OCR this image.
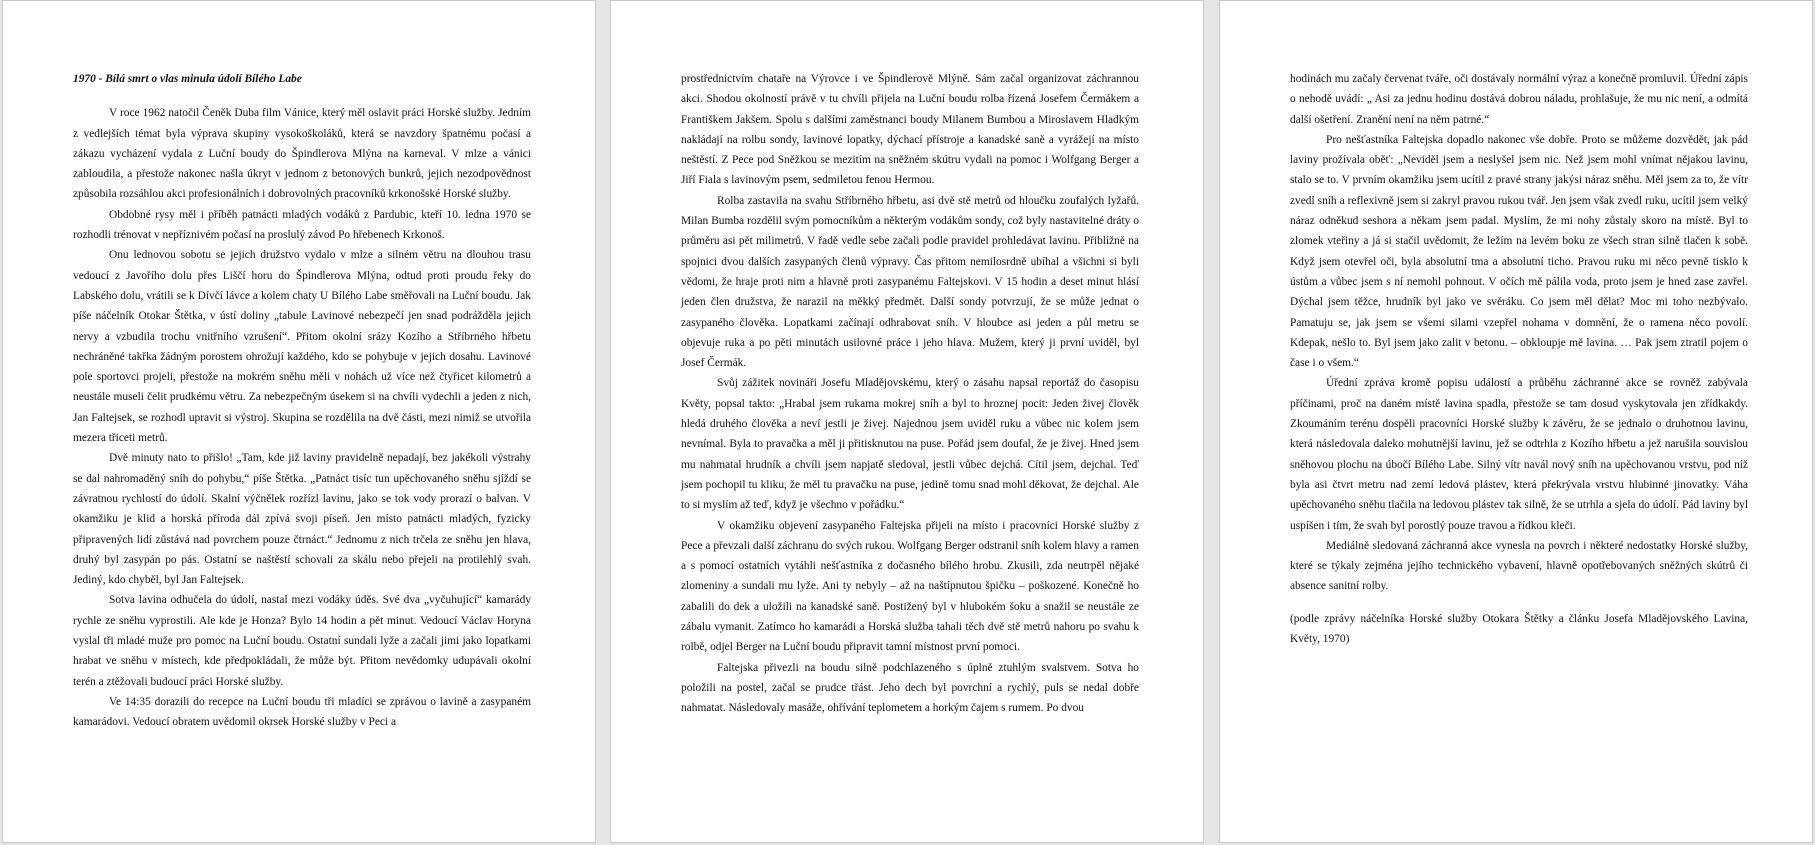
1970 - Bílá smrt o vlas minula údolí Bílého Labe

V roce 1962 natočil Čeněk Duba film Vánice, který měl oslavit práci Horské služby. Jedním z vedlejších témat byla výprava skupiny vysokoškoláků, která se navzdory špatnému počasí a zákazu vycházení vydala z Luční boudy do Špindlerova Mlýna na karneval. V mlze a vánici zabloudila, a přestože nakonec našla úkryt v jednom z betonových bunkrů, jejich nezodpovědnost způsobila rozsáhlou akci profesionálních i dobrovolných pracovníků krkonošské Horské služby.

Obdobné rysy měl i příběh patnácti mladých vodáků z Pardubic, kteří 10. ledna 1970 se rozhodli trénovat v nepříznivém počasí na proslulý závod Po hřebenech Krkonoš.

Onu lednovou sobotu se jejich družstvo vydalo v mlze a silném větru na dlouhou trasu vedoucí z Javořího dolu přes Liščí horu do Špindlerova Mlýna, odtud proti proudu řeky do Labského dolu, vrátili se k Dívčí lávce a kolem chaty U Bílého Labe směřovali na Luční boudu. Jak píše náčelník Otokar Štětka, v ústí doliny „tabule Lavinové nebezpečí jen snad podrážděla jejich nervy a vzbudila trochu vnitřního vzrušení“. Přitom okolní srázy Kozího a Stříbrného hřbetu nechráněné takřka žádným porostem ohrožují každého, kdo se pohybuje v jejich dosahu. Lavinové pole sportovci projeli, přestože na mokrém sněhu měli v nohách už více než čtyřicet kilometrů a neustále museli čelit prudkému větru. Za nebezpečným úsekem si na chvíli vydechli a jeden z nich, Jan Faltejsek, se rozhodl upravit si výstroj. Skupina se rozdělila na dvě části, mezi nimiž se utvořila mezera třiceti metrů.

Dvě minuty nato to přišlo! „Tam, kde již laviny pravidelně nepadají, bez jakékoli výstrahy se dal nahromaděný sníh do pohybu,“ píše Štětka. „Patnáct tisíc tun upěchovaného sněhu sjíždí se závratnou rychlostí do údolí. Skalní výčnělek rozřízl lavinu, jako se tok vody prorazí o balvan. V okamžiku je klid a horská příroda dál zpívá svoji píseň. Jen místo patnácti mladých, fyzicky připravených lidí zůstává nad povrchem pouze čtrnáct.“ Jednomu z nich trčela ze sněhu jen hlava, druhý byl zasypán po pás. Ostatní se naštěstí schovali za skálu nebo přejeli na protilehlý svah. Jediný, kdo chyběl, byl Jan Faltejsek.

Sotva lavina odhučela do údolí, nastal mezi vodáky úděs. Své dva „vyčuhující“ kamarády rychle ze sněhu vyprostili. Ale kde je Honza? Bylo 14 hodin a pět minut. Vedoucí Václav Horyna vyslal tři mladé muže pro pomoc na Luční boudu. Ostatní sundali lyže a začali jimi jako lopatkami hrabat ve sněhu v místech, kde předpokládali, že může být. Přitom nevědomky udupávali okolní terén a ztěžovali budoucí práci Horské služby.

Ve 14:35 dorazili do recepce na Luční boudu tři mladíci se zprávou o lavině a zasypaném kamarádovi. Vedoucí obratem uvědomil okrsek Horské služby v Peci a

prostřednictvím chataře na Výrovce i ve Špindlerově Mlýně. Sám začal organizovat záchrannou akci. Shodou okolností právě v tu chvíli přijela na Luční boudu rolba řízená Josefem Čermákem a Františkem Jakšem. Spolu s dalšími zaměstnanci boudy Milanem Bumbou a Miroslavem Hladkým nakládají na rolbu sondy, lavinové lopatky, dýchací přístroje a kanadské saně a vyrážejí na místo neštěstí. Z Pece pod Sněžkou se mezitím na sněžném skútru vydali na pomoc i Wolfgang Berger a Jiří Fiala s lavinovým psem, sedmiletou fenou Hermou.

Rolba zastavila na svahu Stříbrného hřbetu, asi dvě stě metrů od hloučku zoufalých lyžařů. Milan Bumba rozdělil svým pomocníkům a některým vodákům sondy, což byly nastavitelné dráty o průměru asi pět milimetrů. V řadě vedle sebe začali podle pravidel prohledávat lavinu. Přiblížně na spojnici dvou dalších zasypaných členů výpravy. Čas přitom nemilosrdně ubíhal a všichni si byli vědomi, že hraje proti nim a hlavně proti zasypanému Faltejskovi. V 15 hodin a deset minut hlásí jeden člen družstva, že narazil na měkký předmět. Další sondy potvrzují, že se může jednat o zasypaného člověka. Lopatkami začínají odhrabovat sníh. V hloubce asi jeden a půl metru se objevuje ruka a po pěti minutách usilovné práce i jeho hlava. Mužem, který ji první uviděl, byl Josef Čermák.

Svůj zážitek novináři Josefu Mladějovskému, který o zásahu napsal reportáž do časopisu Květy, popsal takto: „Hrabal jsem rukama mokrej sníh a byl to hroznej pocit: Jeden živej člověk hledá druhého člověka a neví jestli je živej. Najednou jsem uviděl ruku a vůbec nic kolem jsem nevnímal. Byla to pravačka a měl ji přitisknutou na puse. Pořád jsem doufal, že je živej. Hned jsem mu nahmatal hrudník a chvíli jsem napjatě sledoval, jestli vůbec dejchá. Cítil jsem, dejchal. Teď jsem pochopil tu kliku, že měl tu pravačku na puse, jedině tomu snad mohl děkovat, že dejchal. Ale to si myslím až teď, když je všechno v pořádku.“

V okamžiku objevení zasypaného Faltejska přijeli na místo i pracovníci Horské služby z Pece a převzali další záchranu do svých rukou. Wolfgang Berger odstranil sníh kolem hlavy a ramen a s pomocí ostatních vytáhli nešťastníka z dočasného bílého hrobu. Zkusili, zda neutrpěl nějaké zlomeniny a sundali mu lyže. Ani ty nebyly – až na naštípnutou špičku – poškozené. Konečně ho zabalili do dek a uložili na kanadské saně. Postižený byl v hlubokém šoku a snažil se neustále ze zábalu vymanit. Zatímco ho kamarádi a Horská služba tahali těch dvě stě metrů nahoru po svahu k rolbě, odjel Berger na Luční boudu připravit tamní místnost první pomoci.

Faltejska přivezli na boudu silně podchlazeného s úplně ztuhlým svalstvem. Sotva ho položili na postel, začal se prudce třást. Jeho dech byl povrchní a rychlý, puls se nedal dobře nahmatat. Následovaly masáže, ohřívání teplometem a horkým čajem s rumem. Po dvou

hodinách mu začaly červenat tváře, oči dostávaly normální výraz a konečně promluvil. Úřední zápis o nehodě uvádí: „ Asi za jednu hodinu dostává dobrou náladu, prohlašuje, že mu nic není, a odmítá další ošetření. Zranění není na něm patrné.“

Pro nešťastníka Faltejska dopadlo nakonec vše dobře. Proto se můžeme dozvědět, jak pád laviny prožívala oběť: „Neviděl jsem a neslyšel jsem nic. Než jsem mohl vnímat nějakou lavinu, stalo se to. V prvním okamžiku jsem ucítil z pravé strany jakýsi náraz sněhu. Měl jsem za to, že vítr zvedl sníh a reflexivně jsem si zakryl pravou rukou tvář. Jen jsem však zvedl ruku, ucítil jsem velký náraz odněkud seshora a někam jsem padal. Myslím, že mi nohy zůstaly skoro na místě. Byl to zlomek vteřiny a já si stačil uvědomit, že ležím na levém boku ze všech stran silně tlačen k sobě. Když jsem otevřel oči, byla absolutní tma a absolutní ticho. Pravou ruku mi něco pevně tisklo k ústům a vůbec jsem s ní nemohl pohnout. V očích mě pálila voda, proto jsem je hned zase zavřel. Dýchal jsem těžce, hrudník byl jako ve svěráku. Co jsem měl dělat? Moc mi toho nezbývalo. Pamatuju se, jak jsem se všemi silami vzepřel nohama v domnění, že o ramena něco povolí. Kdepak, nešlo to. Byl jsem jako zalit v betonu. – obkloupje mě lavina. … Pak jsem ztratil pojem o čase i o všem.“

Úřední zpráva kromě popisu událostí a průběhu záchranné akce se rovněž zabývala příčinami, proč na daném místě lavina spadla, přestože se tam dosud vyskytovala jen zřídkakdy. Zkoumáním terénu dospěli pracovníci Horské služby k závěru, že se jednalo o druhotnou lavinu, která následovala daleko mohutnější lavinu, jež se odtrhla z Kozího hřbetu a jež narušila souvislou sněhovou plochu na úbočí Bílého Labe. Silný vítr navál nový sníh na upěchovanou vrstvu, pod níž byla asi čtvrt metru nad zemí ledová plástev, která překrývala vrstvu hlubinné jinovatky. Váha upěchovaného sněhu tlačila na ledovou plástev tak silně, že se utrhla a sjela do údolí. Pád laviny byl uspíšen i tím, že svah byl porostlý pouze travou a řídkou kleči.

Mediálně sledovaná záchranná akce vynesla na povrch i některé nedostatky Horské služby, které se týkaly zejména jejího technického vybavení, hlavně opotřebovaných sněžných skútrů či absence sanitní rolby.

(podle zprávy náčelníka Horské služby Otokara Štětky a článku Josefa Mladějovského Lavina, Květy, 1970)
